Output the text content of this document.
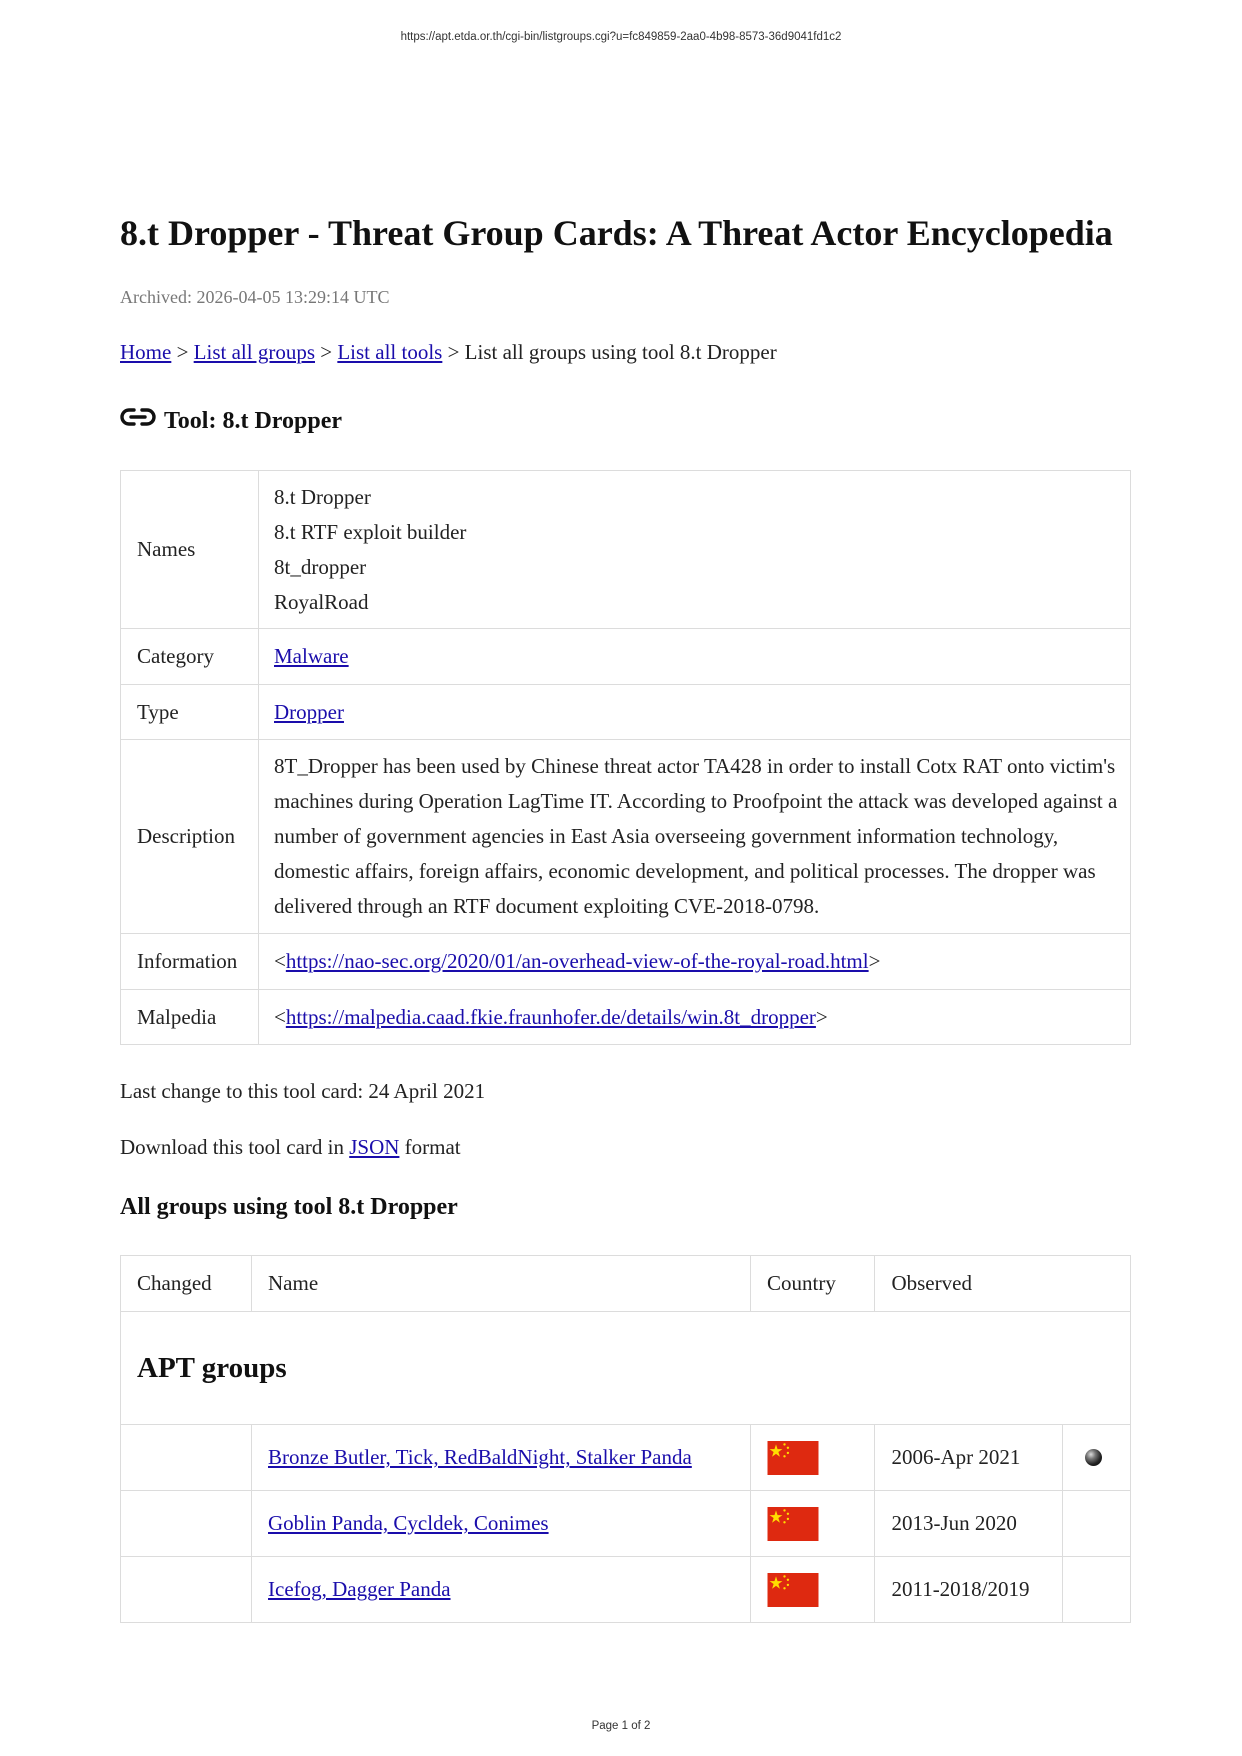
https://apt.etda.or.th/cgi-bin/listgroups.cgi?u=fc849859-2aa0-4b98-8573-36d9041fd1c2
8.t Dropper - Threat Group Cards: A Threat Actor Encyclopedia
Archived: 2026-04-05 13:29:14 UTC
Home > List all groups > List all tools > List all groups using tool 8.t Dropper
Tool: 8.t Dropper
Names	8.t Dropper
8.t RTF exploit builder
8t_dropper
RoyalRoad

Category	Malware
Type	Dropper
Description	8T_Dropper has been used by Chinese threat actor TA428 in order to install Cotx RAT onto victim's machines during Operation LagTime IT. According to Proofpoint the attack was developed against a number of government agencies in East Asia overseeing government information technology, domestic affairs, foreign affairs, economic development, and political processes. The dropper was delivered through an RTF document exploiting CVE-2018-0798.
Information	<https://nao-sec.org/2020/01/an-overhead-view-of-the-royal-road.html>
Malpedia	<https://malpedia.caad.fkie.fraunhofer.de/details/win.8t_dropper>
Last change to this tool card: 24 April 2021
Download this tool card in JSON format
All groups using tool 8.t Dropper
Changed	Name	Country	Observed	
APT groups				
	Bronze Butler, Tick, RedBaldNight, Stalker Panda		2006-Apr 2021	

	Goblin Panda, Cycldek, Conimes		2013-Jun 2020	
	Icefog, Dagger Panda		2011-2018/2019	
Page 1 of 2
